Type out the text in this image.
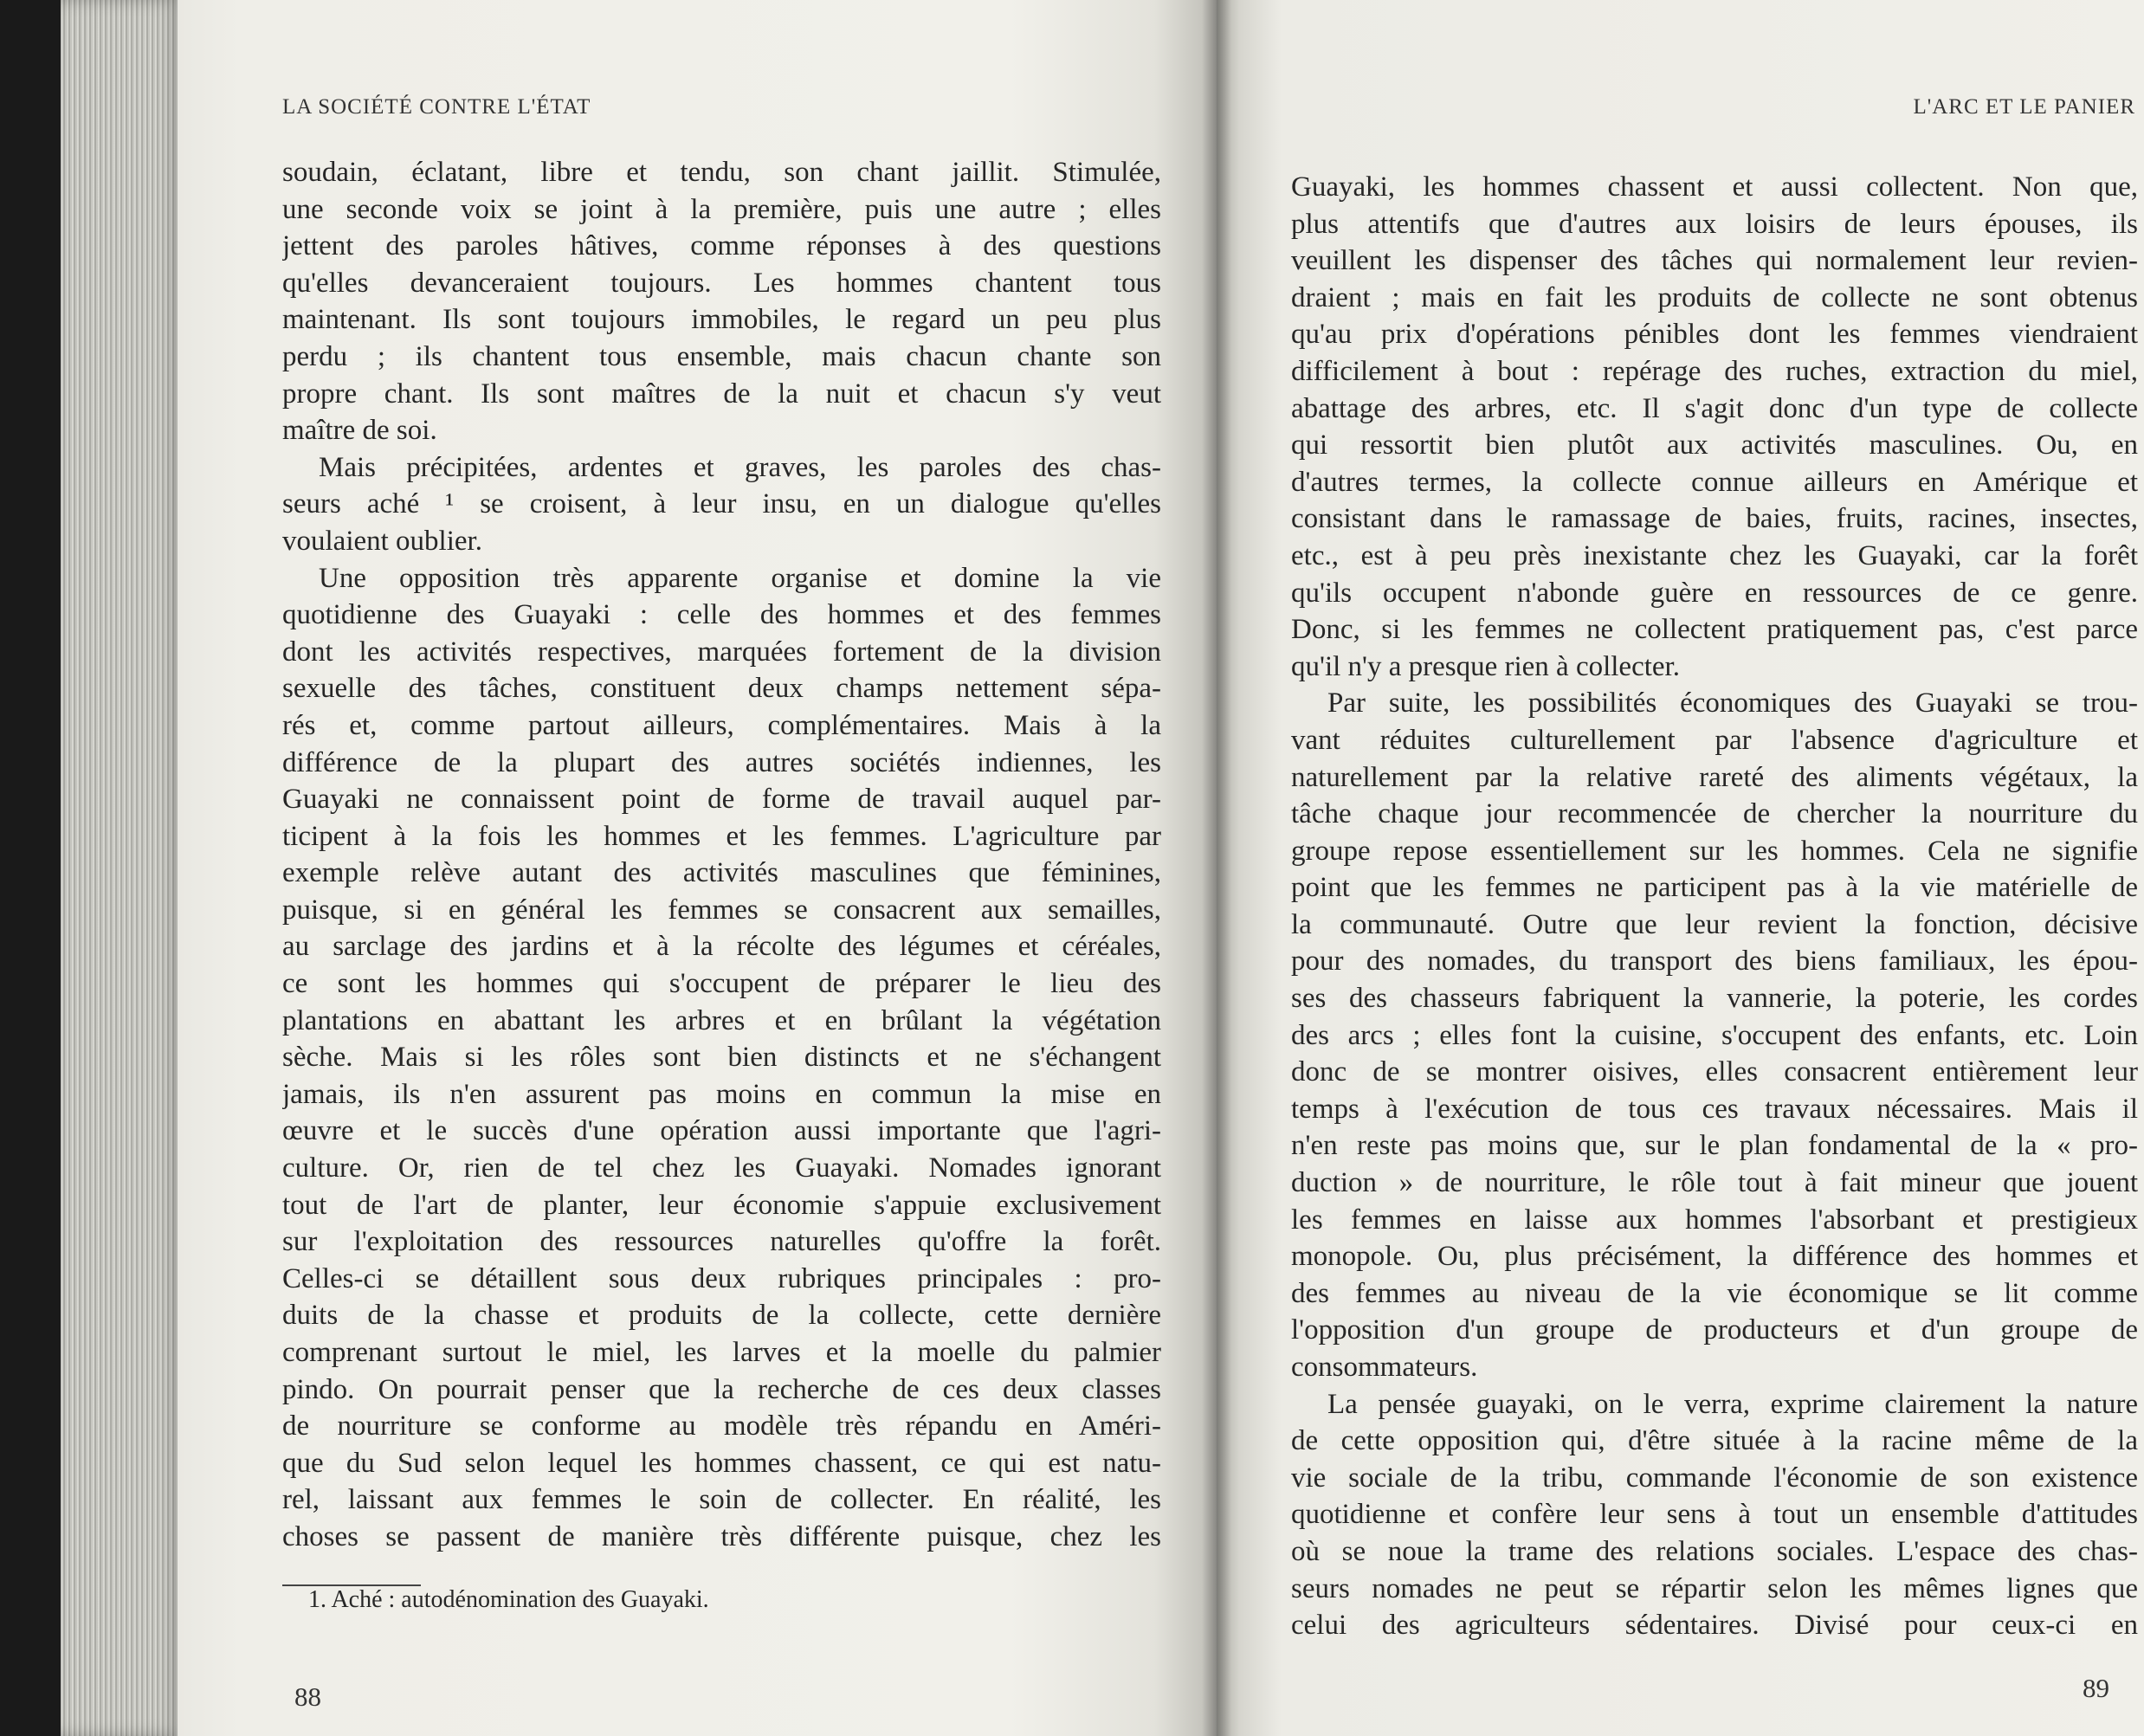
LA SOCIÉTÉ CONTRE L'ÉTAT
soudain, éclatant, libre et tendu, son chant jaillit. Stimulée,
une seconde voix se joint à la première, puis une autre ; elles
jettent des paroles hâtives, comme réponses à des questions
qu'elles devanceraient toujours. Les hommes chantent tous
maintenant. Ils sont toujours immobiles, le regard un peu plus
perdu ; ils chantent tous ensemble, mais chacun chante son
propre chant. Ils sont maîtres de la nuit et chacun s'y veut
maître de soi.
Mais précipitées, ardentes et graves, les paroles des chas-
seurs aché ¹ se croisent, à leur insu, en un dialogue qu'elles
voulaient oublier.
Une opposition très apparente organise et domine la vie
quotidienne des Guayaki : celle des hommes et des femmes
dont les activités respectives, marquées fortement de la division
sexuelle des tâches, constituent deux champs nettement sépa-
rés et, comme partout ailleurs, complémentaires. Mais à la
différence de la plupart des autres sociétés indiennes, les
Guayaki ne connaissent point de forme de travail auquel par-
ticipent à la fois les hommes et les femmes. L'agriculture par
exemple relève autant des activités masculines que féminines,
puisque, si en général les femmes se consacrent aux semailles,
au sarclage des jardins et à la récolte des légumes et céréales,
ce sont les hommes qui s'occupent de préparer le lieu des
plantations en abattant les arbres et en brûlant la végétation
sèche. Mais si les rôles sont bien distincts et ne s'échangent
jamais, ils n'en assurent pas moins en commun la mise en
œuvre et le succès d'une opération aussi importante que l'agri-
culture. Or, rien de tel chez les Guayaki. Nomades ignorant
tout de l'art de planter, leur économie s'appuie exclusivement
sur l'exploitation des ressources naturelles qu'offre la forêt.
Celles-ci se détaillent sous deux rubriques principales : pro-
duits de la chasse et produits de la collecte, cette dernière
comprenant surtout le miel, les larves et la moelle du palmier
pindo. On pourrait penser que la recherche de ces deux classes
de nourriture se conforme au modèle très répandu en Améri-
que du Sud selon lequel les hommes chassent, ce qui est natu-
rel, laissant aux femmes le soin de collecter. En réalité, les
choses se passent de manière très différente puisque, chez les
1. Aché : autodénomination des Guayaki.
88
L'ARC ET LE PANIER
Guayaki, les hommes chassent et aussi collectent. Non que,
plus attentifs que d'autres aux loisirs de leurs épouses, ils
veuillent les dispenser des tâches qui normalement leur revien-
draient ; mais en fait les produits de collecte ne sont obtenus
qu'au prix d'opérations pénibles dont les femmes viendraient
difficilement à bout : repérage des ruches, extraction du miel,
abattage des arbres, etc. Il s'agit donc d'un type de collecte
qui ressortit bien plutôt aux activités masculines. Ou, en
d'autres termes, la collecte connue ailleurs en Amérique et
consistant dans le ramassage de baies, fruits, racines, insectes,
etc., est à peu près inexistante chez les Guayaki, car la forêt
qu'ils occupent n'abonde guère en ressources de ce genre.
Donc, si les femmes ne collectent pratiquement pas, c'est parce
qu'il n'y a presque rien à collecter.
Par suite, les possibilités économiques des Guayaki se trou-
vant réduites culturellement par l'absence d'agriculture et
naturellement par la relative rareté des aliments végétaux, la
tâche chaque jour recommencée de chercher la nourriture du
groupe repose essentiellement sur les hommes. Cela ne signifie
point que les femmes ne participent pas à la vie matérielle de
la communauté. Outre que leur revient la fonction, décisive
pour des nomades, du transport des biens familiaux, les épou-
ses des chasseurs fabriquent la vannerie, la poterie, les cordes
des arcs ; elles font la cuisine, s'occupent des enfants, etc. Loin
donc de se montrer oisives, elles consacrent entièrement leur
temps à l'exécution de tous ces travaux nécessaires. Mais il
n'en reste pas moins que, sur le plan fondamental de la « pro-
duction » de nourriture, le rôle tout à fait mineur que jouent
les femmes en laisse aux hommes l'absorbant et prestigieux
monopole. Ou, plus précisément, la différence des hommes et
des femmes au niveau de la vie économique se lit comme
l'opposition d'un groupe de producteurs et d'un groupe de
consommateurs.
La pensée guayaki, on le verra, exprime clairement la nature
de cette opposition qui, d'être située à la racine même de la
vie sociale de la tribu, commande l'économie de son existence
quotidienne et confère leur sens à tout un ensemble d'attitudes
où se noue la trame des relations sociales. L'espace des chas-
seurs nomades ne peut se répartir selon les mêmes lignes que
celui des agriculteurs sédentaires. Divisé pour ceux-ci en
89
